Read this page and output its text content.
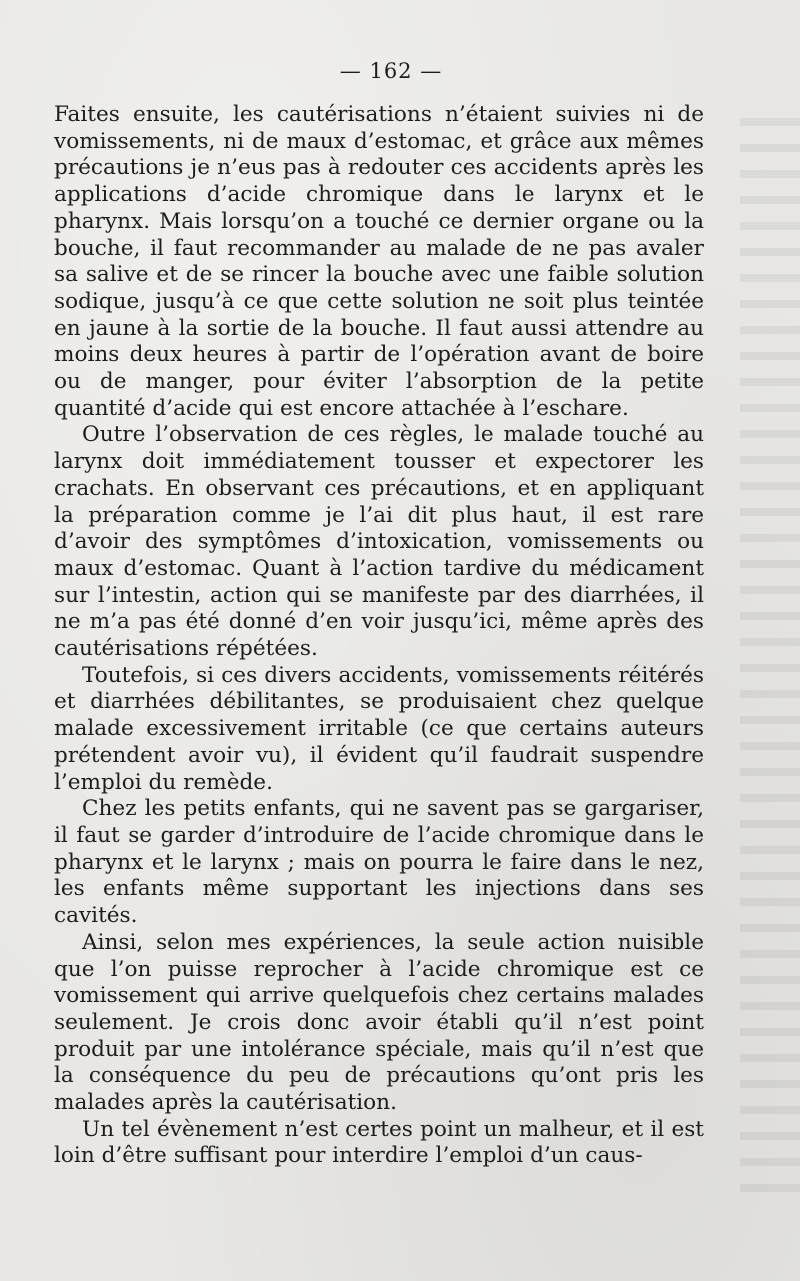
— 162 —

Faites ensuite, les cautérisations n’étaient suivies ni de vomissements, ni de maux d’estomac, et grâce aux mêmes précautions je n’eus pas à redouter ces accidents après les applications d’acide chromique dans le larynx et le pharynx. Mais lorsqu’on a touché ce dernier organe ou la bouche, il faut recommander au malade de ne pas avaler sa salive et de se rincer la bouche avec une faible solution sodique, jusqu’à ce que cette solution ne soit plus teintée en jaune à la sortie de la bouche. Il faut aussi attendre au moins deux heures à partir de l’opération avant de boire ou de manger, pour éviter l’absorption de la petite quantité d’acide qui est encore attachée à l’eschare.

Outre l’observation de ces règles, le malade touché au larynx doit immédiatement tousser et expectorer les crachats. En observant ces précautions, et en appliquant la préparation comme je l’ai dit plus haut, il est rare d’avoir des symptômes d’intoxication, vomissements ou maux d’estomac. Quant à l’action tardive du médicament sur l’intestin, action qui se manifeste par des diarrhées, il ne m’a pas été donné d’en voir jusqu’ici, même après des cautérisations répétées.

Toutefois, si ces divers accidents, vomissements réitérés et diarrhées débilitantes, se produisaient chez quelque malade excessivement irritable (ce que certains auteurs prétendent avoir vu), il évident qu’il faudrait suspendre l’emploi du remède.

Chez les petits enfants, qui ne savent pas se gargariser, il faut se garder d’introduire de l’acide chromique dans le pharynx et le larynx ; mais on pourra le faire dans le nez, les enfants même supportant les injections dans ses cavités.

Ainsi, selon mes expériences, la seule action nuisible que l’on puisse reprocher à l’acide chromique est ce vomissement qui arrive quelquefois chez certains malades seulement. Je crois donc avoir établi qu’il n’est point produit par une intolérance spéciale, mais qu’il n’est que la conséquence du peu de précautions qu’ont pris les malades après la cautérisation.

Un tel évènement n’est certes point un malheur, et il est loin d’être suffisant pour interdire l’emploi d’un caus-
